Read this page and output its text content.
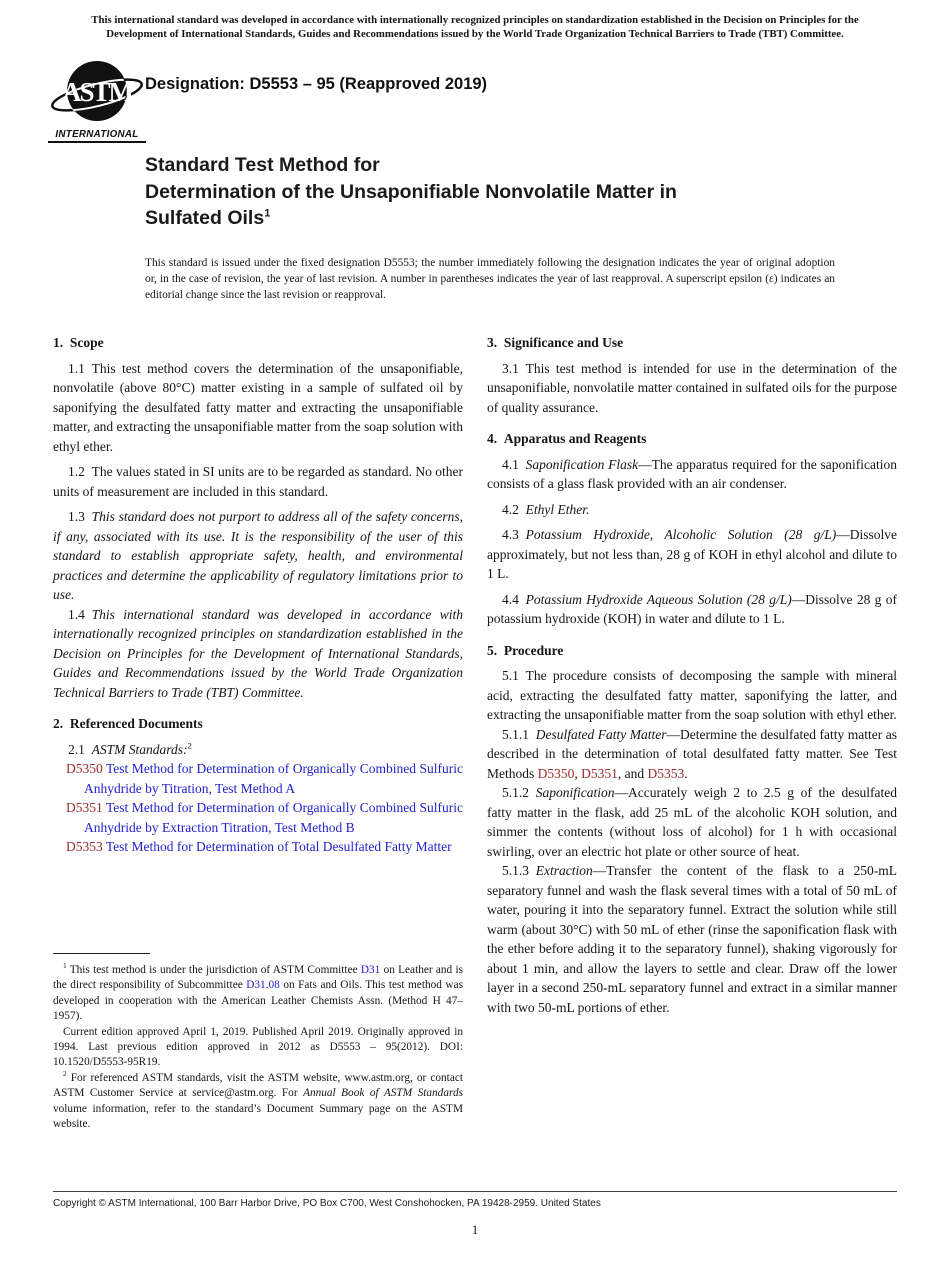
This international standard was developed in accordance with internationally recognized principles on standardization established in the Decision on Principles for the Development of International Standards, Guides and Recommendations issued by the World Trade Organization Technical Barriers to Trade (TBT) Committee.
ASTM
INTERNATIONAL
Designation: D5553 – 95 (Reapproved 2019)
Standard Test Method for
Determination of the Unsaponifiable Nonvolatile Matter in
Sulfated Oils$^1$
This standard is issued under the fixed designation D5553; the number immediately following the designation indicates the year of original adoption or, in the case of revision, the year of last revision. A number in parentheses indicates the year of last reapproval. A superscript epsilon (ε) indicates an editorial change since the last revision or reapproval.
1. Scope
1.1 This test method covers the determination of the unsaponifiable, nonvolatile (above 80°C) matter existing in a sample of sulfated oil by saponifying the desulfated fatty matter and extracting the unsaponifiable matter, and extracting the unsaponifiable matter from the soap solution with ethyl ether.
1.2 The values stated in SI units are to be regarded as standard. No other units of measurement are included in this standard.
1.3 This standard does not purport to address all of the safety concerns, if any, associated with its use. It is the responsibility of the user of this standard to establish appropriate safety, health, and environmental practices and determine the applicability of regulatory limitations prior to use.
1.4 This international standard was developed in accordance with internationally recognized principles on standardization established in the Decision on Principles for the Development of International Standards, Guides and Recommendations issued by the World Trade Organization Technical Barriers to Trade (TBT) Committee.
2. Referenced Documents
2.1 ASTM Standards:$^2$
D5350 Test Method for Determination of Organically Combined Sulfuric Anhydride by Titration, Test Method A
D5351 Test Method for Determination of Organically Combined Sulfuric Anhydride by Extraction Titration, Test Method B
D5353 Test Method for Determination of Total Desulfated Fatty Matter
3. Significance and Use
3.1 This test method is intended for use in the determination of the unsaponifiable, nonvolatile matter contained in sulfated oils for the purpose of quality assurance.
4. Apparatus and Reagents
4.1 Saponification Flask—The apparatus required for the saponification consists of a glass flask provided with an air condenser.
4.2 Ethyl Ether.
4.3 Potassium Hydroxide, Alcoholic Solution (28 g/L)—Dissolve approximately, but not less than, 28 g of KOH in ethyl alcohol and dilute to 1 L.
4.4 Potassium Hydroxide Aqueous Solution (28 g/L)—Dissolve 28 g of potassium hydroxide (KOH) in water and dilute to 1 L.
5. Procedure
5.1 The procedure consists of decomposing the sample with mineral acid, extracting the desulfated fatty matter, saponifying the latter, and extracting the unsaponifiable matter from the soap solution with ethyl ether.
5.1.1 Desulfated Fatty Matter—Determine the desulfated fatty matter as described in the determination of total desulfated fatty matter. See Test Methods D5350, D5351, and D5353.
5.1.2 Saponification—Accurately weigh 2 to 2.5 g of the desulfated fatty matter in the flask, add 25 mL of the alcoholic KOH solution, and simmer the contents (without loss of alcohol) for 1 h with occasional swirling, over an electric hot plate or other source of heat.
5.1.3 Extraction—Transfer the content of the flask to a 250-mL separatory funnel and wash the flask several times with a total of 50 mL of water, pouring it into the separatory funnel. Extract the solution while still warm (about 30°C) with 50 mL of ether (rinse the saponification flask with the ether before adding it to the separatory funnel), shaking vigorously for about 1 min, and allow the layers to settle and clear. Draw off the lower layer in a second 250-mL separatory funnel and extract in a similar manner with two 50-mL portions of ether.
$^1$ This test method is under the jurisdiction of ASTM Committee D31 on Leather and is the direct responsibility of Subcommittee D31.08 on Fats and Oils. This test method was developed in cooperation with the American Leather Chemists Assn. (Method H 47–1957).
Current edition approved April 1, 2019. Published April 2019. Originally approved in 1994. Last previous edition approved in 2012 as D5553 – 95(2012). DOI: 10.1520/D5553-95R19.
$^2$ For referenced ASTM standards, visit the ASTM website, www.astm.org, or contact ASTM Customer Service at service@astm.org. For Annual Book of ASTM Standards volume information, refer to the standard’s Document Summary page on the ASTM website.
Copyright © ASTM International, 100 Barr Harbor Drive, PO Box C700, West Conshohocken, PA 19428-2959. United States
1
